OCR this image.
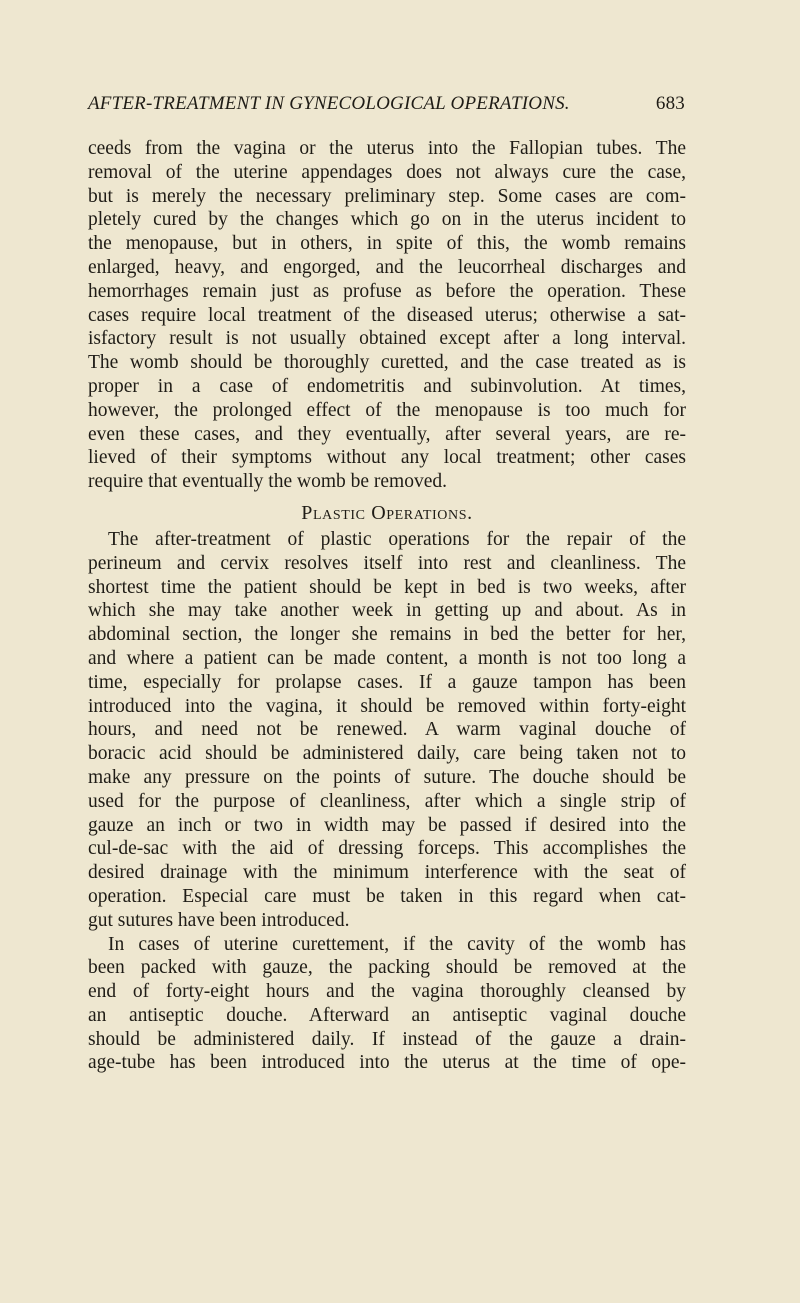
AFTER-TREATMENT IN GYNECOLOGICAL OPERATIONS.	683
ceeds from the vagina or the uterus into the Fallopian tubes. The
removal of the uterine appendages does not always cure the case,
but is merely the necessary preliminary step. Some cases are com-
pletely cured by the changes which go on in the uterus incident to
the menopause, but in others, in spite of this, the womb remains
enlarged, heavy, and engorged, and the leucorrheal discharges and
hemorrhages remain just as profuse as before the operation. These
cases require local treatment of the diseased uterus; otherwise a sat-
isfactory result is not usually obtained except after a long interval.
The womb should be thoroughly curetted, and the case treated as is
proper in a case of endometritis and subinvolution. At times,
however, the prolonged effect of the menopause is too much for
even these cases, and they eventually, after several years, are re-
lieved of their symptoms without any local treatment; other cases
require that eventually the womb be removed.
Plastic Operations.
The after-treatment of plastic operations for the repair of the
perineum and cervix resolves itself into rest and cleanliness. The
shortest time the patient should be kept in bed is two weeks, after
which she may take another week in getting up and about. As in
abdominal section, the longer she remains in bed the better for her,
and where a patient can be made content, a month is not too long a
time, especially for prolapse cases. If a gauze tampon has been
introduced into the vagina, it should be removed within forty-eight
hours, and need not be renewed. A warm vaginal douche of
boracic acid should be administered daily, care being taken not to
make any pressure on the points of suture. The douche should be
used for the purpose of cleanliness, after which a single strip of
gauze an inch or two in width may be passed if desired into the
cul-de-sac with the aid of dressing forceps. This accomplishes the
desired drainage with the minimum interference with the seat of
operation. Especial care must be taken in this regard when cat-
gut sutures have been introduced.
In cases of uterine curettement, if the cavity of the womb has
been packed with gauze, the packing should be removed at the
end of forty-eight hours and the vagina thoroughly cleansed by
an antiseptic douche. Afterward an antiseptic vaginal douche
should be administered daily. If instead of the gauze a drain-
age-tube has been introduced into the uterus at the time of ope-
